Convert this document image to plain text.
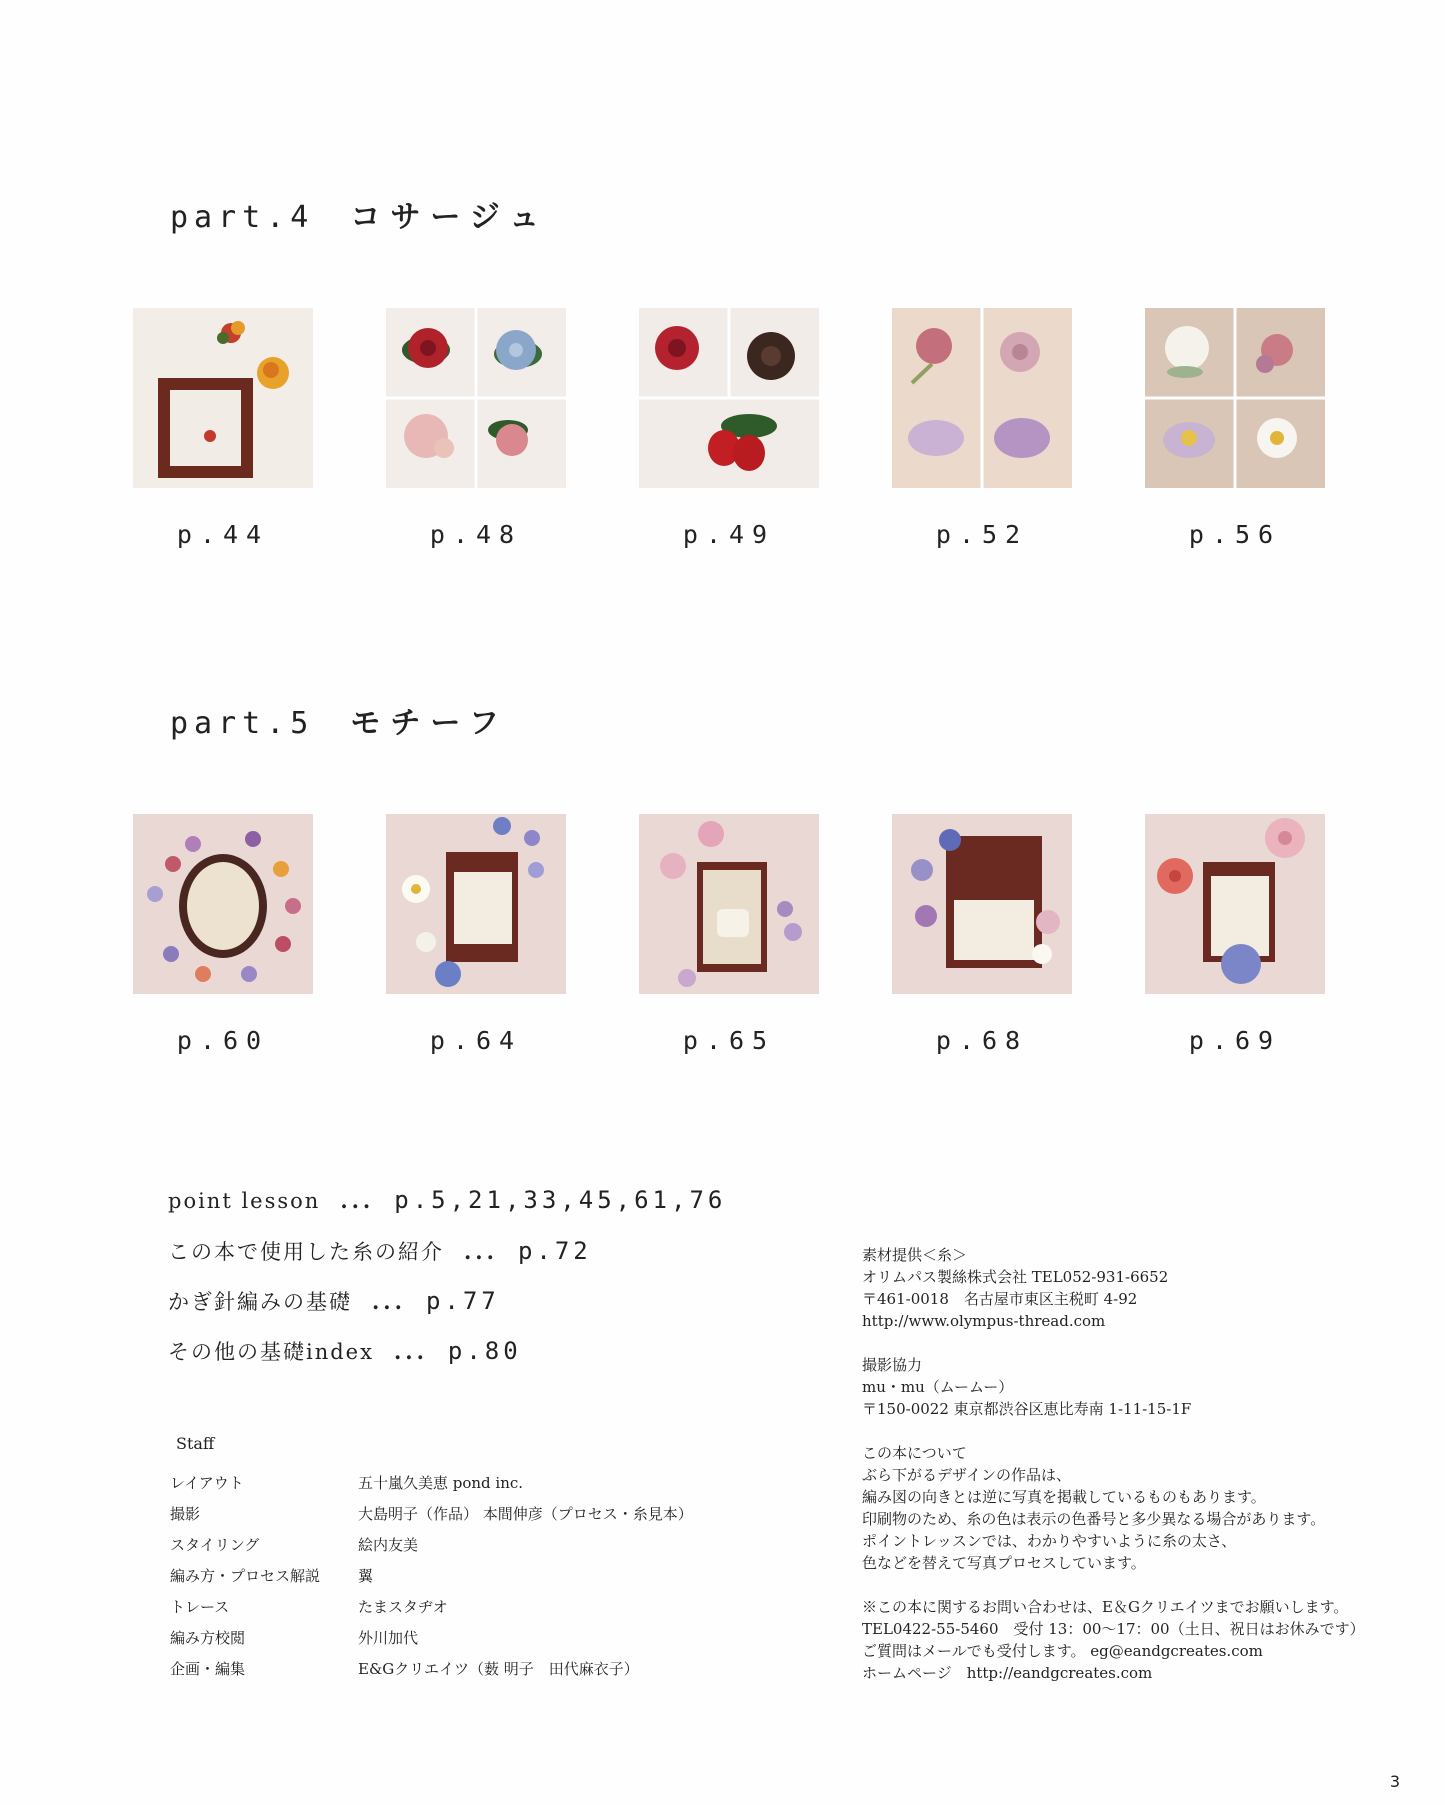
part.4 コサージュ
p.44	p.48	p.49	p.52	p.56
part.5 モチーフ
p.60	p.64	p.65	p.68	p.69
point lesson ... p.5,21,33,45,61,76
この本で使用した糸の紹介 ... p.72
かぎ針編みの基礎 ... p.77
その他の基礎index ... p.80
Staff
レイアウト	五十嵐久美恵 pond inc.
撮影	大島明子（作品） 本間伸彦（プロセス・糸見本）
スタイリング	絵内友美
編み方・プロセス解説	翼
トレース	たまスタヂオ
編み方校閲	外川加代
企画・編集	E&Gクリエイツ（薮 明子　田代麻衣子）
素材提供＜糸＞
オリムパス製絲株式会社 TEL052-931-6652
〒461-0018　名古屋市東区主税町 4-92
http://www.olympus-thread.com
撮影協力
mu・mu（ムームー）
〒150-0022 東京都渋谷区恵比寿南 1-11-15-1F
この本について
ぶら下がるデザインの作品は、
編み図の向きとは逆に写真を掲載しているものもあります。
印刷物のため、糸の色は表示の色番号と多少異なる場合があります。
ポイントレッスンでは、わかりやすいように糸の太さ、
色などを替えて写真プロセスしています。
※この本に関するお問い合わせは、E＆Gクリエイツまでお願いします。
TEL0422-55-5460　受付 13：00～17：00（土日、祝日はお休みです）
ご質問はメールでも受付します。 eg@eandgcreates.com
ホームページ　http://eandgcreates.com
3
